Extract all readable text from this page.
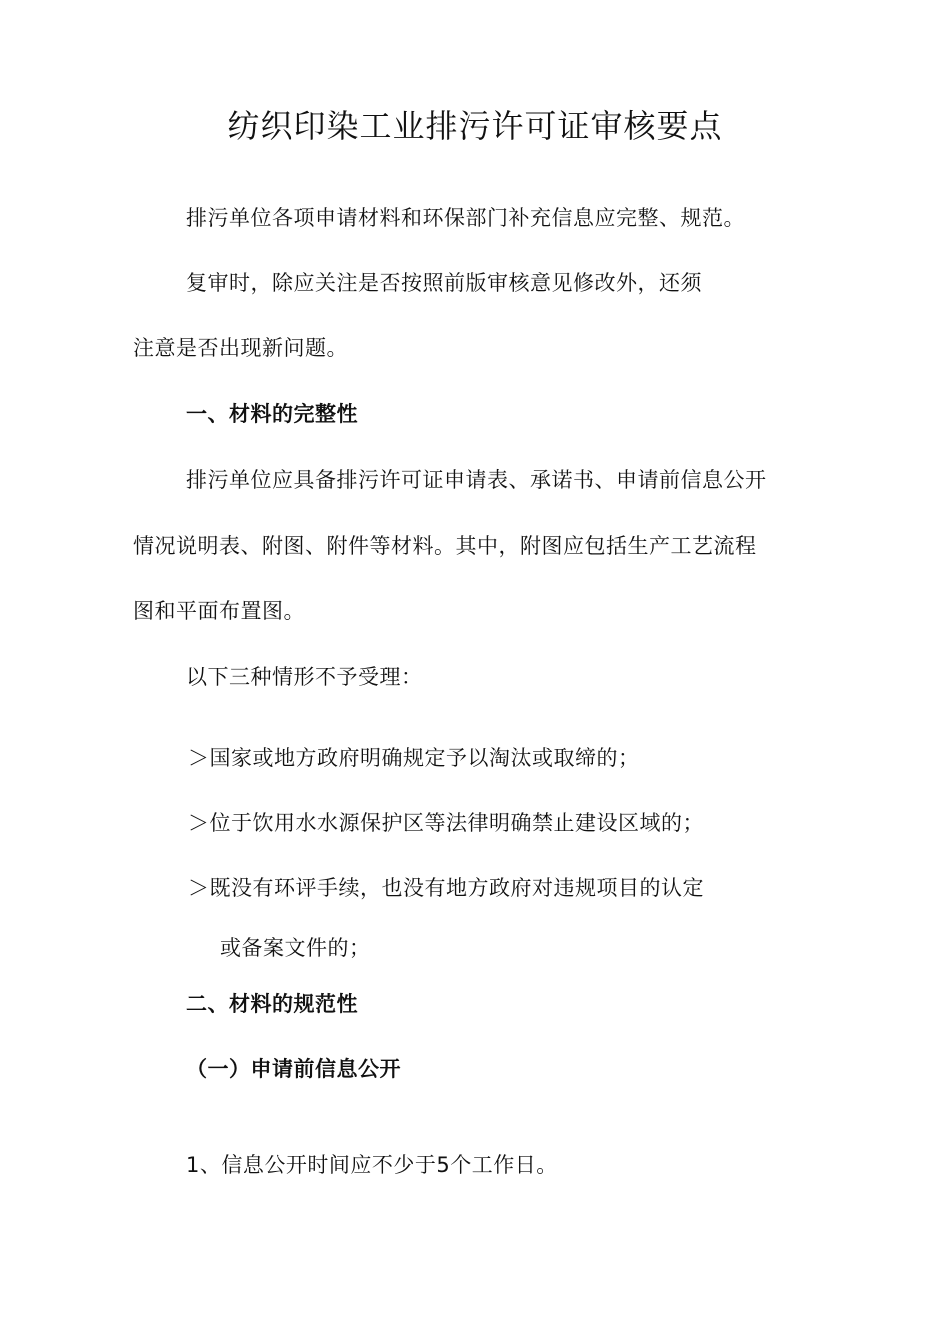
纺织印染工业排污许可证审核要点
排污单位各项申请材料和环保部门补充信息应完整、规范。
复审时，除应关注是否按照前版审核意见修改外，还须
注意是否出现新问题。
一、材料的完整性
排污单位应具备排污许可证申请表、承诺书、申请前信息公开
情况说明表、附图、附件等材料。其中，附图应包括生产工艺流程
图和平面布置图。
以下三种情形不予受理：
＞国家或地方政府明确规定予以淘汰或取缔的；
＞位于饮用水水源保护区等法律明确禁止建设区域的；
＞既没有环评手续，也没有地方政府对违规项目的认定
或备案文件的；
二、材料的规范性
（一）申请前信息公开
1、信息公开时间应不少于5个工作日。
